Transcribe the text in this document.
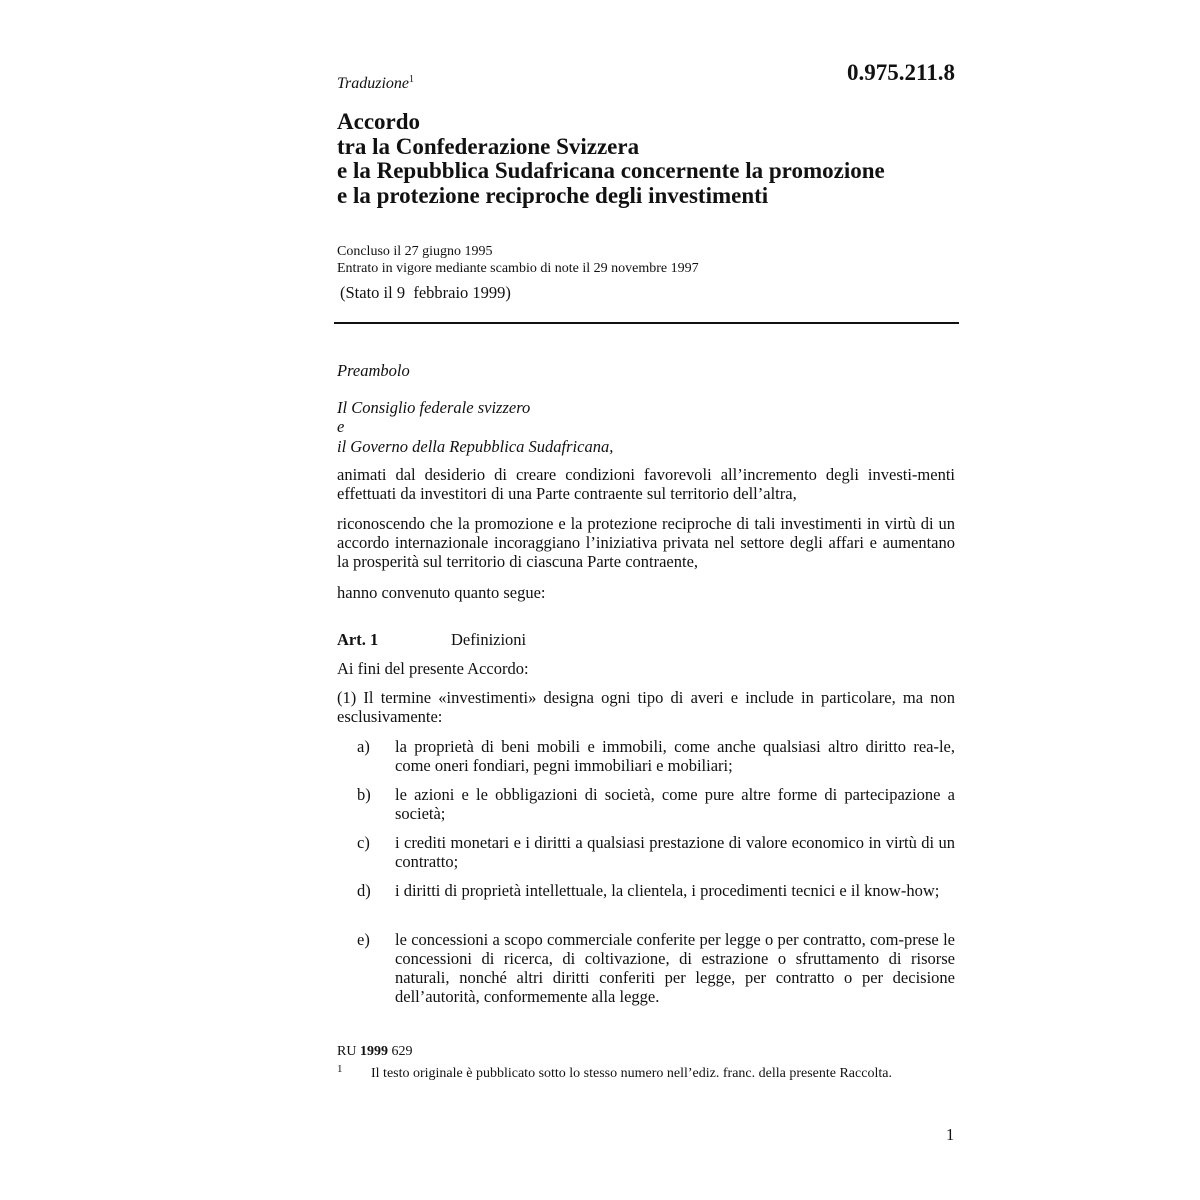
Traduzione$^1$	0.975.211.8
Accordo
tra la Confederazione Svizzera
e la Repubblica Sudafricana concernente la promozione
e la protezione reciproche degli investimenti
Concluso il 27 giugno 1995
Entrato in vigore mediante scambio di note il 29 novembre 1997
(Stato il 9  febbraio 1999)
Preambolo
Il Consiglio federale svizzero
e
il Governo della Repubblica Sudafricana,
animati dal desiderio di creare condizioni favorevoli all’incremento degli investi-menti effettuati da investitori di una Parte contraente sul territorio dell’altra,
riconoscendo che la promozione e la protezione reciproche di tali investimenti in virtù di un accordo internazionale incoraggiano l’iniziativa privata nel settore degli affari e aumentano la prosperità sul territorio di ciascuna Parte contraente,
hanno convenuto quanto segue:
Art. 1	Definizioni
Ai fini del presente Accordo:
(1) Il termine «investimenti» designa ogni tipo di averi e include in particolare, ma non esclusivamente:
a) la proprietà di beni mobili e immobili, come anche qualsiasi altro diritto rea-le, come oneri fondiari, pegni immobiliari e mobiliari;
b) le azioni e le obbligazioni di società, come pure altre forme di partecipazione a società;
c) i crediti monetari e i diritti a qualsiasi prestazione di valore economico in virtù di un contratto;
d) i diritti di proprietà intellettuale, la clientela, i procedimenti tecnici e il know-how;
e) le concessioni a scopo commerciale conferite per legge o per contratto, com-prese le concessioni di ricerca, di coltivazione, di estrazione o sfruttamento di risorse naturali, nonché altri diritti conferiti per legge, per contratto o per decisione dell’autorità, conformemente alla legge.
RU 1999 629
1 Il testo originale è pubblicato sotto lo stesso numero nell’ediz. franc. della presente Raccolta.
1
